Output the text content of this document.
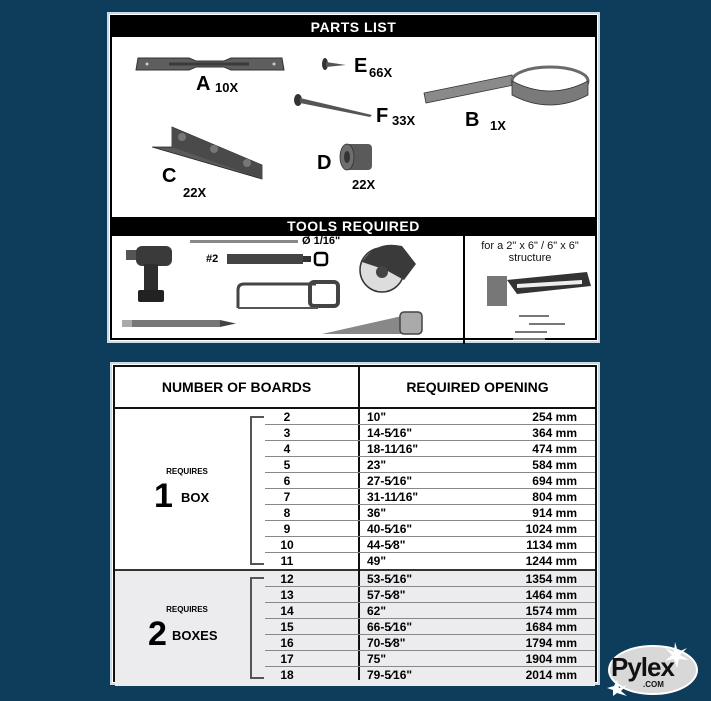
PARTS LIST
A 10X
E 66X
F 33X B 1X
C
22X
D
22X
TOOLS REQUIRED
Ø 1/16"
#2
for a 2" x 6" / 6" x 6"
structure
NUMBER OF BOARDS	REQUIRED OPENING
REQUIRES
1 BOX
REQUIRES
2 BOXES
2	10"	254 mm
3	14-5⁄16"	364 mm
4	18-11⁄16"	474 mm
5	23"	584 mm
6	27-5⁄16"	694 mm
7	31-11⁄16"	804 mm
8	36"	914 mm
9	40-5⁄16"	1024 mm
10	44-5⁄8"	1134 mm
11	49"	1244 mm
12	53-5⁄16"	1354 mm
13	57-5⁄8"	1464 mm
14	62"	1574 mm
15	66-5⁄16"	1684 mm
16	70-5⁄8"	1794 mm
17	75"	1904 mm
18	79-5⁄16"	2014 mm Pylex
.COM
